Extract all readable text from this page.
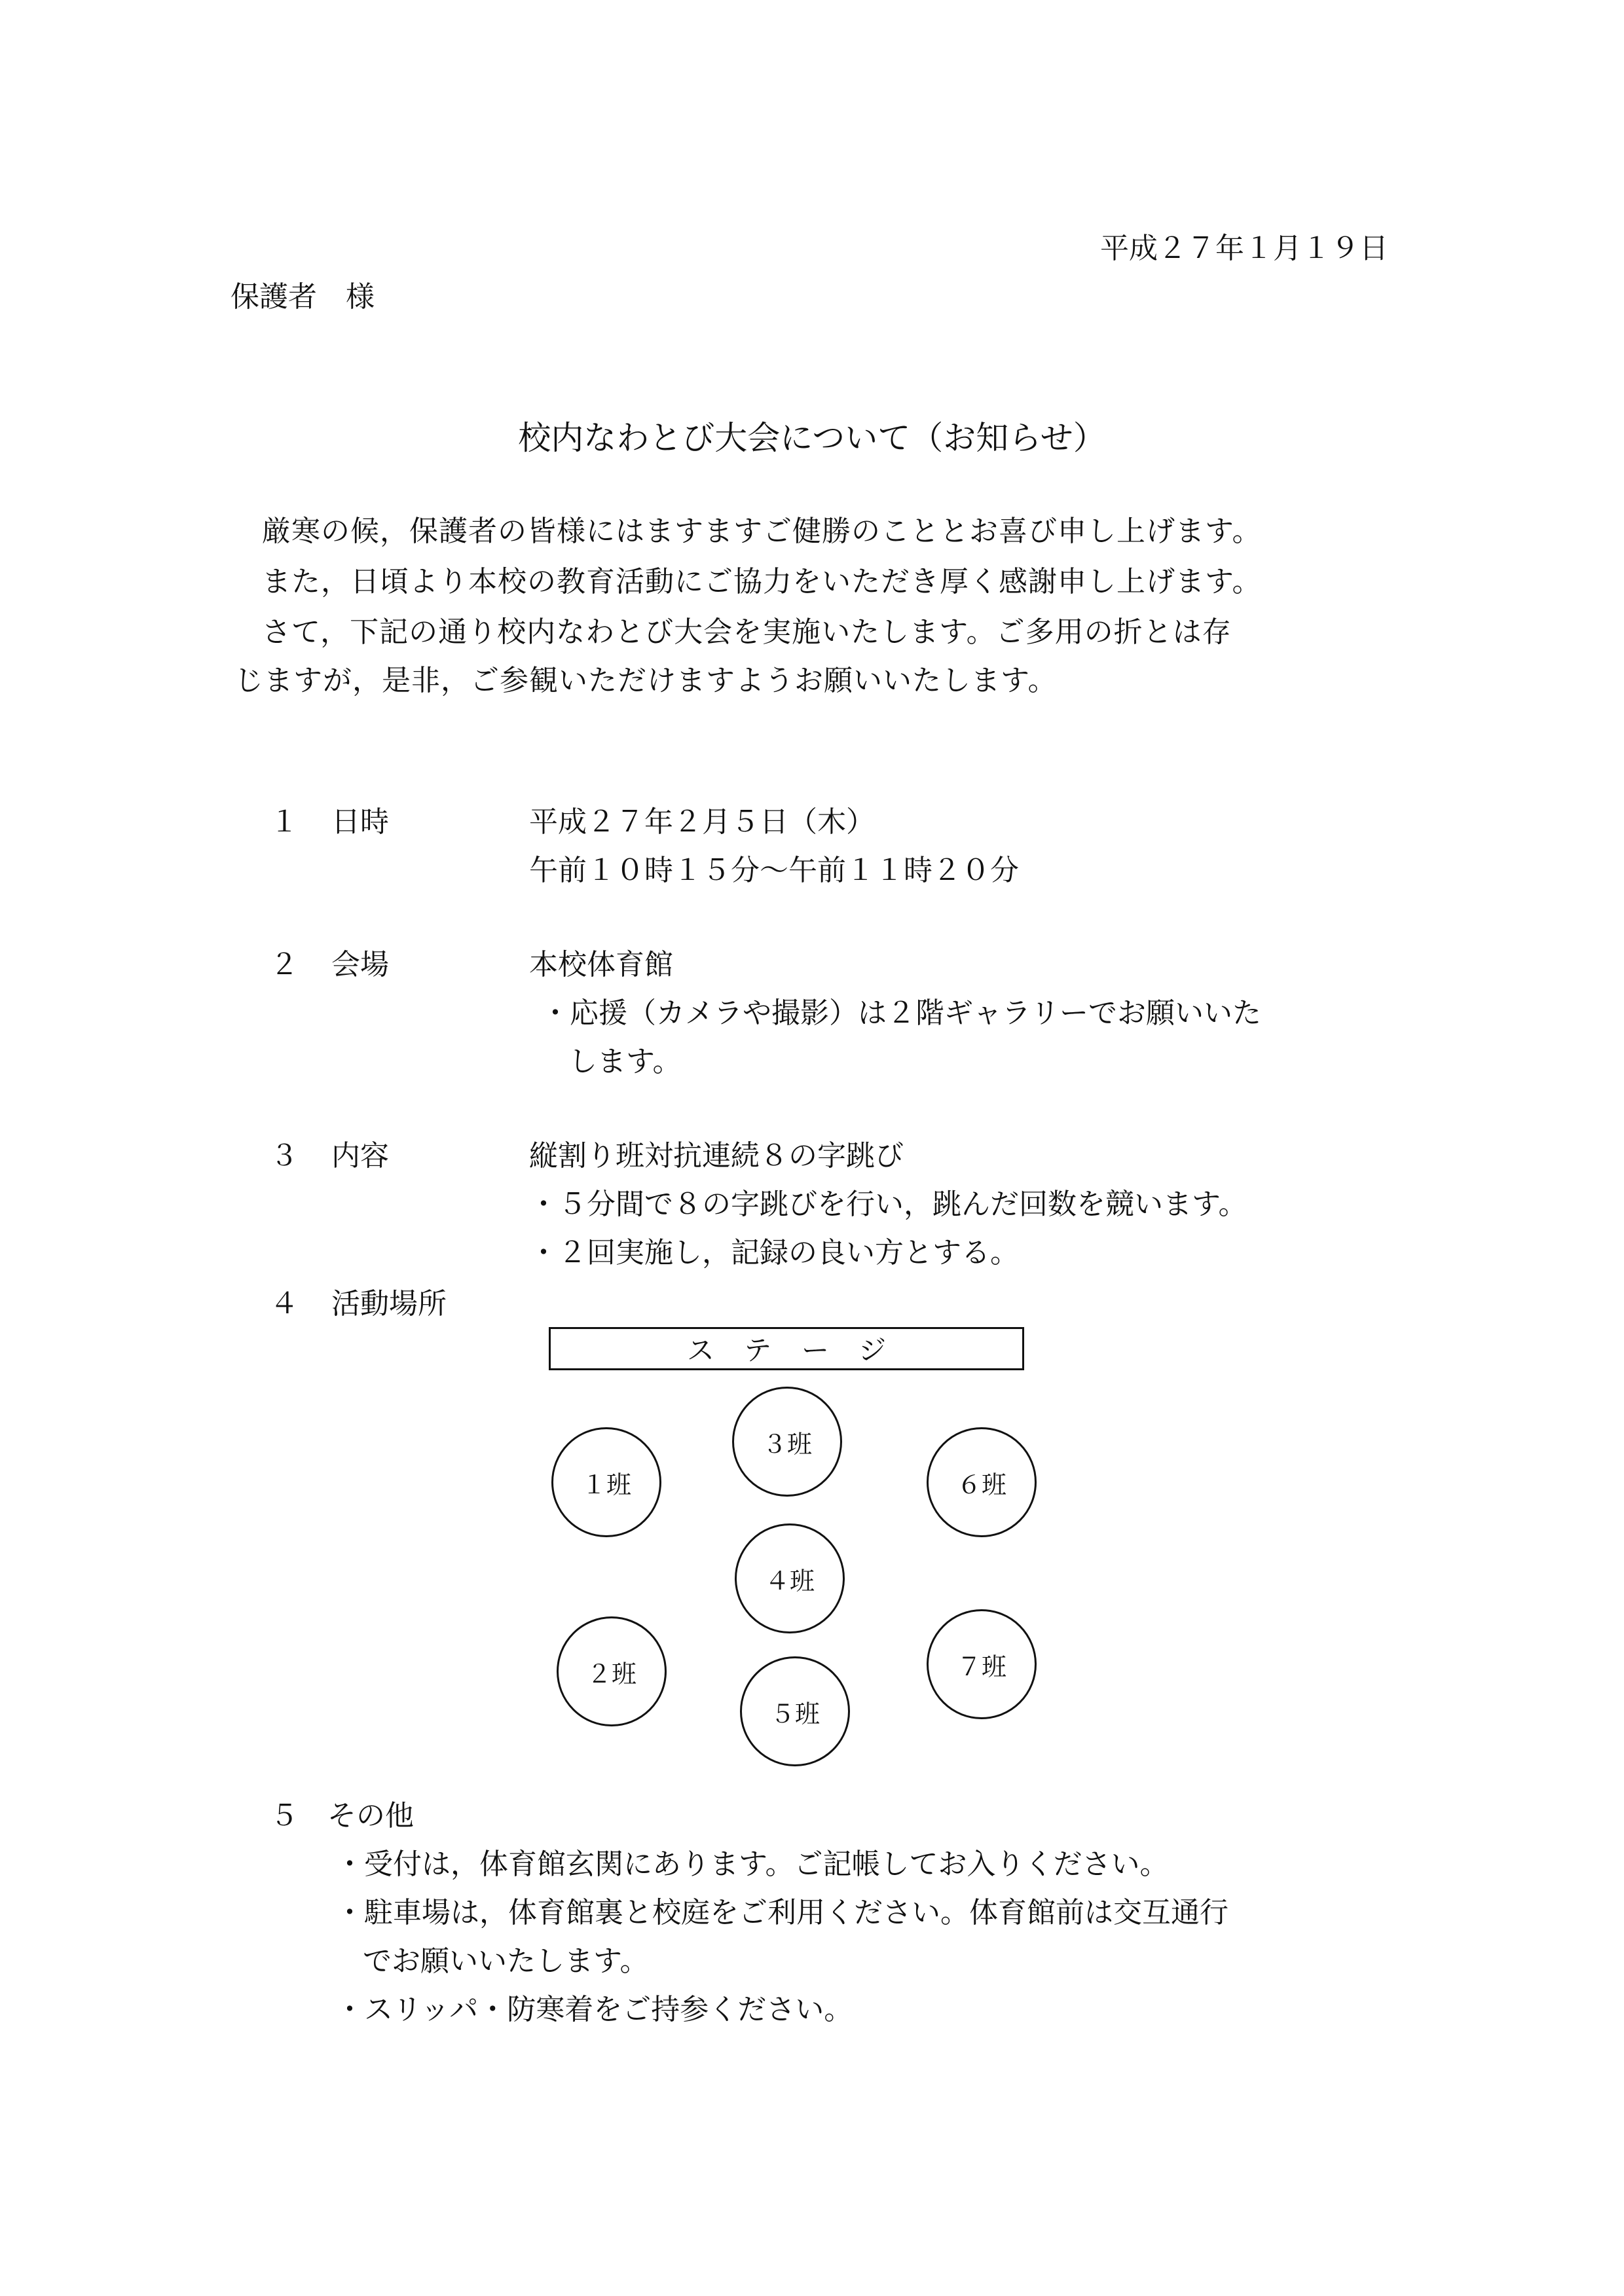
平成２７年１月１９日
保護者　様
校内なわとび大会について（お知らせ）
厳寒の候，保護者の皆様にはますますご健勝のこととお喜び申し上げます。
また，日頃より本校の教育活動にご協力をいただき厚く感謝申し上げます。
さて，下記の通り校内なわとび大会を実施いたします。ご多用の折とは存
じますが，是非，ご参観いただけますようお願いいたします。
１ 日時	平成２７年２月５日（木）
午前１０時１５分～午前１１時２０分
２ 会場	本校体育館
・応援（カメラや撮影）は２階ギャラリーでお願いいた
します。
３ 内容	縦割り班対抗連続８の字跳び
・５分間で８の字跳びを行い，跳んだ回数を競います。
・２回実施し，記録の良い方とする。
４ 活動場所
ステージ
１班
２班
３班
４班
５班
６班
７班
５ その他
・受付は，体育館玄関にあります。ご記帳してお入りください。
・駐車場は，体育館裏と校庭をご利用ください。体育館前は交互通行
でお願いいたします。
・スリッパ・防寒着をご持参ください。
